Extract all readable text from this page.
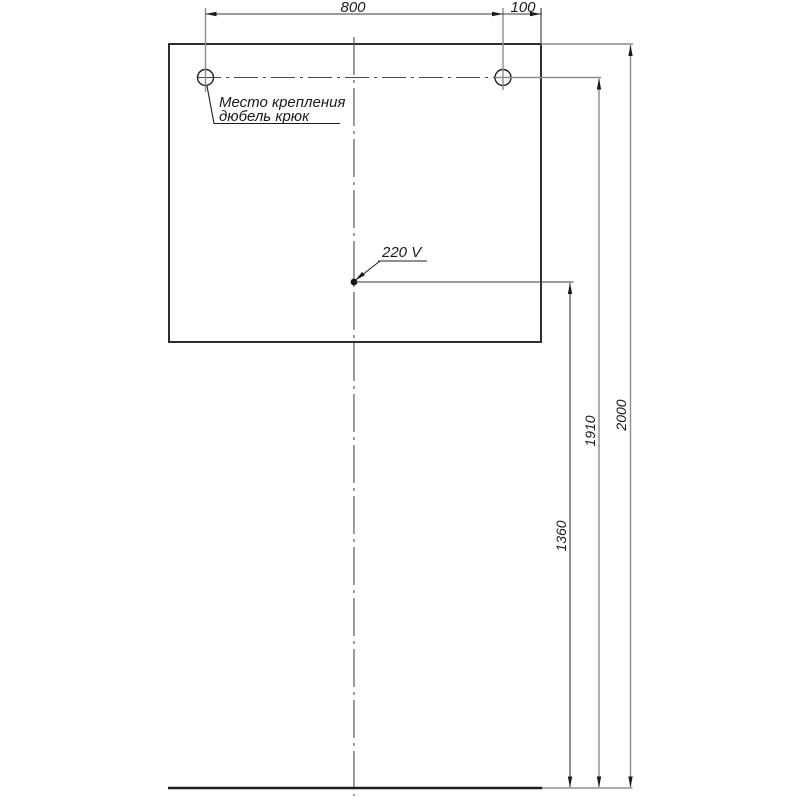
800	100
Место крепления
дюбель крюк
220 V
1360
1910
2000
